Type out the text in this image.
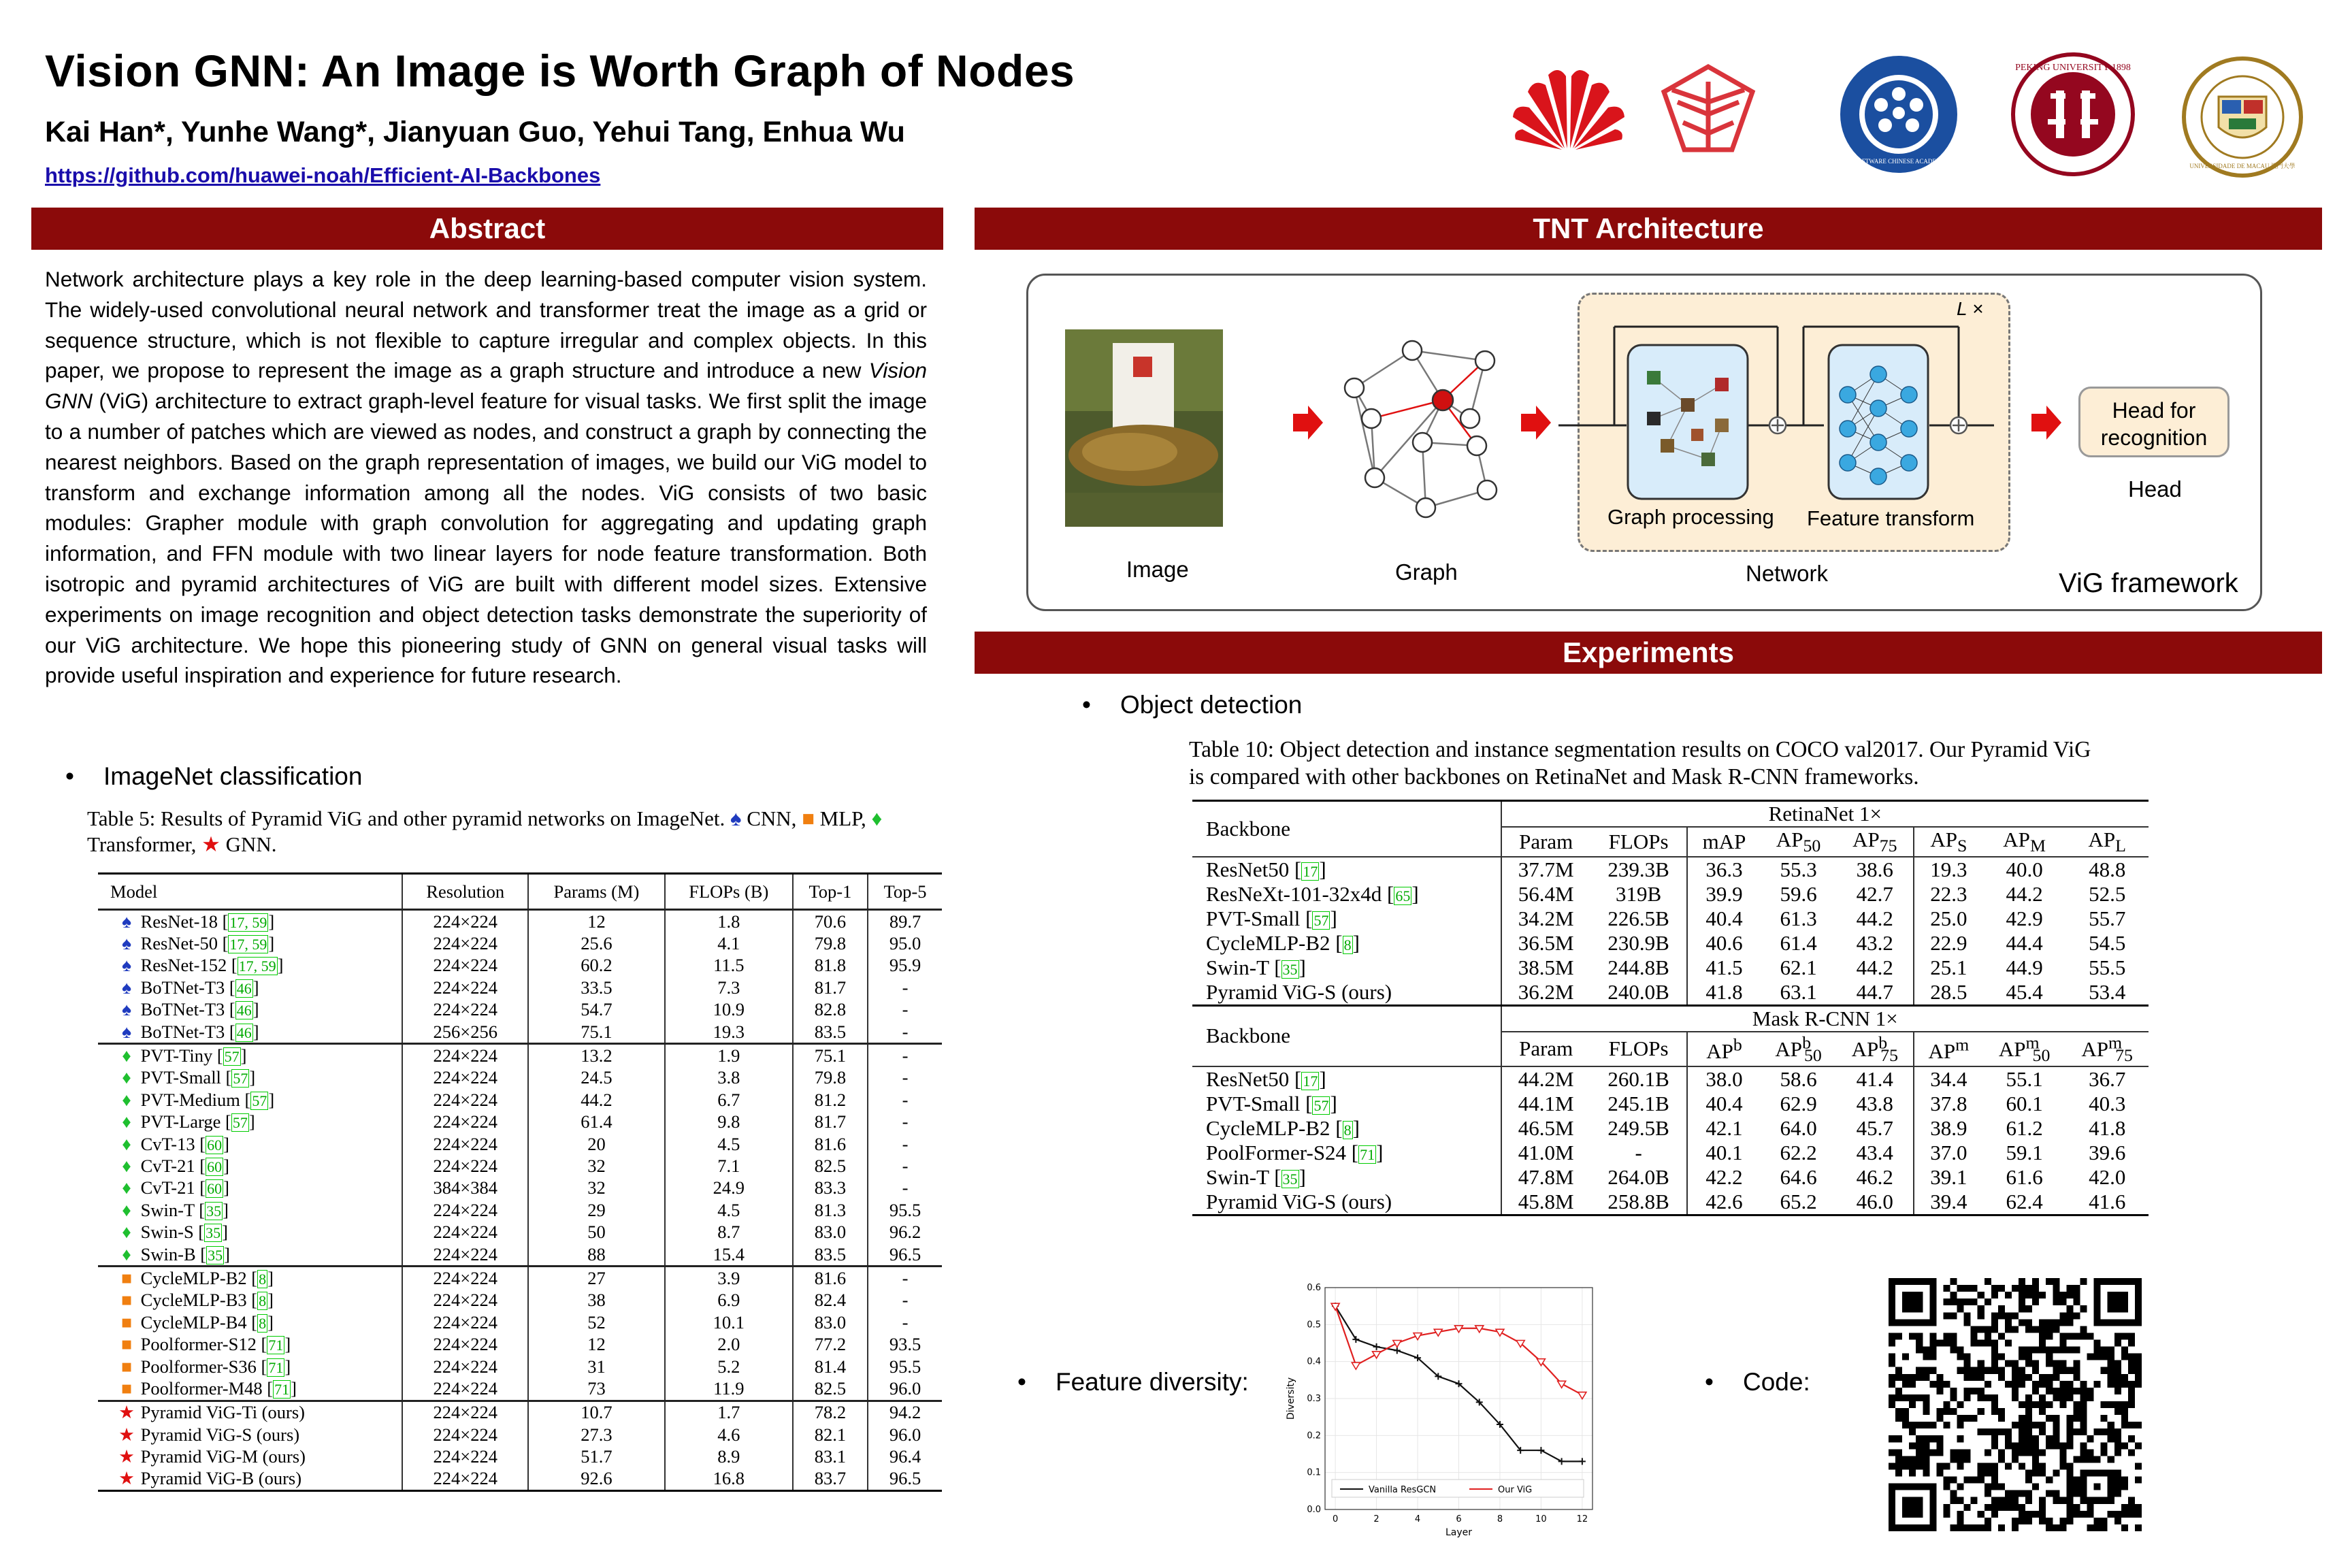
Vision GNN: An Image is Worth Graph of Nodes
Kai Han*, Yunhe Wang*, Jianyuan Guo, Yehui Tang, Enhua Wu
https://github.com/huawei-noah/Efficient-AI-Backbones
INSTITUTE OF SOFTWARE CHINESE ACADEMY OF SCIENCES
PEKING UNIVERSITY 1898
UNIVERSIDADE DE MACAU 澳門大學
Abstract
Network architecture plays a key role in the deep learning-based computer vision system. The widely-used convolutional neural network and transformer treat the image as a grid or sequence structure, which is not flexible to capture irregular and complex objects. In this paper, we propose to represent the image as a graph structure and introduce a new Vision GNN (ViG) architecture to extract graph-level feature for visual tasks. We first split the image to a number of patches which are viewed as nodes, and construct a graph by connecting the nearest neighbors. Based on the graph representation of images, we build our ViG model to transform and exchange information among all the nodes. ViG consists of two basic modules: Grapher module with graph convolution for aggregating and updating graph information, and FFN module with two linear layers for node feature transformation. Both isotropic and pyramid architectures of ViG are built with different model sizes. Extensive experiments on image recognition and object detection tasks demonstrate the superiority of our ViG architecture. We hope this pioneering study of GNN on general visual tasks will provide useful inspiration and experience for future research.
• ImageNet classification
Table 5: Results of Pyramid ViG and other pyramid networks on ImageNet. ♠ CNN, ■ MLP, ♦
Transformer, ★ GNN.
Model	Resolution	Params (M)	FLOPs (B)	Top-1	Top-5
♠ ResNet-18 [17, 59]	224×224	12	1.8	70.6	89.7
♠ ResNet-50 [17, 59]	224×224	25.6	4.1	79.8	95.0
♠ ResNet-152 [17, 59]	224×224	60.2	11.5	81.8	95.9
♠ BoTNet-T3 [46]	224×224	33.5	7.3	81.7	-
♠ BoTNet-T3 [46]	224×224	54.7	10.9	82.8	-
♠ BoTNet-T3 [46]	256×256	75.1	19.3	83.5	-
♦ PVT-Tiny [57]	224×224	13.2	1.9	75.1	-
♦ PVT-Small [57]	224×224	24.5	3.8	79.8	-
♦ PVT-Medium [57]	224×224	44.2	6.7	81.2	-
♦ PVT-Large [57]	224×224	61.4	9.8	81.7	-
♦ CvT-13 [60]	224×224	20	4.5	81.6	-
♦ CvT-21 [60]	224×224	32	7.1	82.5	-
♦ CvT-21 [60]	384×384	32	24.9	83.3	-
♦ Swin-T [35]	224×224	29	4.5	81.3	95.5
♦ Swin-S [35]	224×224	50	8.7	83.0	96.2
♦ Swin-B [35]	224×224	88	15.4	83.5	96.5
■ CycleMLP-B2 [8]	224×224	27	3.9	81.6	-
■ CycleMLP-B3 [8]	224×224	38	6.9	82.4	-
■ CycleMLP-B4 [8]	224×224	52	10.1	83.0	-
■ Poolformer-S12 [71]	224×224	12	2.0	77.2	93.5
■ Poolformer-S36 [71]	224×224	31	5.2	81.4	95.5
■ Poolformer-M48 [71]	224×224	73	11.9	82.5	96.0
★ Pyramid ViG-Ti (ours)	224×224	10.7	1.7	78.2	94.2
★ Pyramid ViG-S (ours)	224×224	27.3	4.6	82.1	96.0
★ Pyramid ViG-M (ours)	224×224	51.7	8.9	83.1	96.4
★ Pyramid ViG-B (ours)	224×224	92.6	16.8	83.7	96.5
TNT Architecture
Image	Graph
L ×
Graph processing Feature transform
Network
Head for
recognition
Head
ViG framework
Experiments
• Object detection
Table 10: Object detection and instance segmentation results on COCO val2017. Our Pyramid ViG
is compared with other backbones on RetinaNet and Mask R-CNN frameworks.
Backbone	RetinaNet 1×							
	Param	FLOPs	mAP	$AP_{50}$	$AP_{75}$	$AP_S$	$AP_M$	$AP_L$
ResNet50 [17]	37.7M	239.3B	36.3	55.3	38.6	19.3	40.0	48.8
ResNeXt-101-32x4d [65]	56.4M	319B	39.9	59.6	42.7	22.3	44.2	52.5
PVT-Small [57]	34.2M	226.5B	40.4	61.3	44.2	25.0	42.9	55.7
CycleMLP-B2 [8]	36.5M	230.9B	40.6	61.4	43.2	22.9	44.4	54.5
Swin-T [35]	38.5M	244.8B	41.5	62.1	44.2	25.1	44.9	55.5
Pyramid ViG-S (ours)	36.2M	240.0B	41.8	63.1	44.7	28.5	45.4	53.4
Backbone	Mask R-CNN 1×							
	Param	FLOPs	$AP^b$	$AP^b_{50}$	$AP^b_{75}$	$AP^m$	$AP^m_{50}$	$AP^m_{75}$
ResNet50 [17]	44.2M	260.1B	38.0	58.6	41.4	34.4	55.1	36.7
PVT-Small [57]	44.1M	245.1B	40.4	62.9	43.8	37.8	60.1	40.3
CycleMLP-B2 [8]	46.5M	249.5B	42.1	64.0	45.7	38.9	61.2	41.8
PoolFormer-S24 [71]	41.0M	-	40.1	62.2	43.4	37.0	59.1	39.6
Swin-T [35]	47.8M	264.0B	42.2	64.6	46.2	39.1	61.6	42.0
Pyramid ViG-S (ours)	45.8M	258.8B	42.6	65.2	46.0	39.4	62.4	41.6
• Feature diversity:
0	2	4	6	8	10	12
0.0
0.1
0.2
0.3
0.4
0.5
0.6
Layer
Diversity
Vanilla ResGCN	Our ViG
• Code:
